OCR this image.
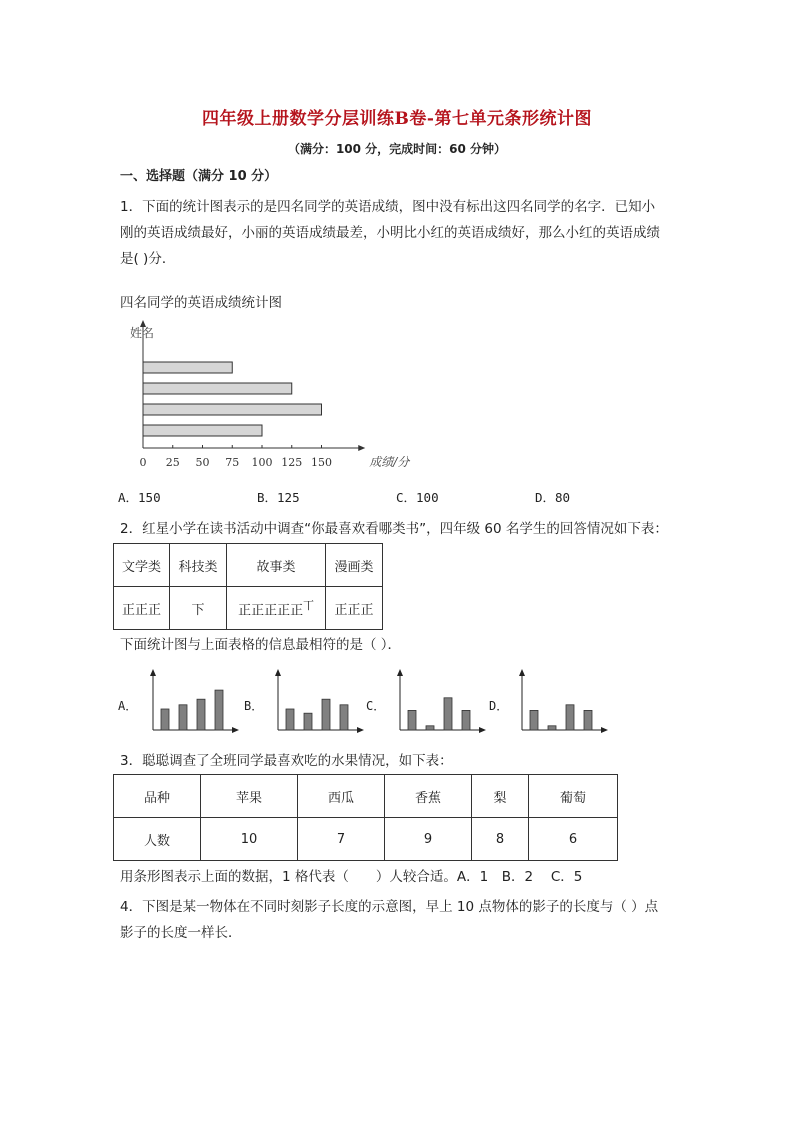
四年级上册数学分层训练B卷-第七单元条形统计图
（满分：100 分，完成时间：60 分钟）
一、选择题（满分 10 分）
1．下面的统计图表示的是四名同学的英语成绩，图中没有标出这四名同学的名字．已知小
刚的英语成绩最好，小丽的英语成绩最差，小明比小红的英语成绩好，那么小红的英语成绩
是( )分．
四名同学的英语成绩统计图
姓名
成绩/分
0 25 50 75 100 125 150
A．150	B．125	C．100	D．80
2．红星小学在读书活动中调查“你最喜欢看哪类书”，四年级 60 名学生的回答情况如下表：
文学类	科技类	故事类	漫画类
正正正	下	正正正正正$^丅$	正正正
下面统计图与上面表格的信息最相符的是（ ）．
A．	B．	C．	D．
3．聪聪调查了全班同学最喜欢吃的水果情况，如下表：
品种	苹果	西瓜	香蕉	梨	葡萄
人数	10	7	9	8	6
用条形图表示上面的数据，1 格代表（　　）人较合适。A．1　B．2　 C．5
4．下图是某一物体在不同时刻影子长度的示意图，早上 10 点物体的影子的长度与（ ）点
影子的长度一样长．
